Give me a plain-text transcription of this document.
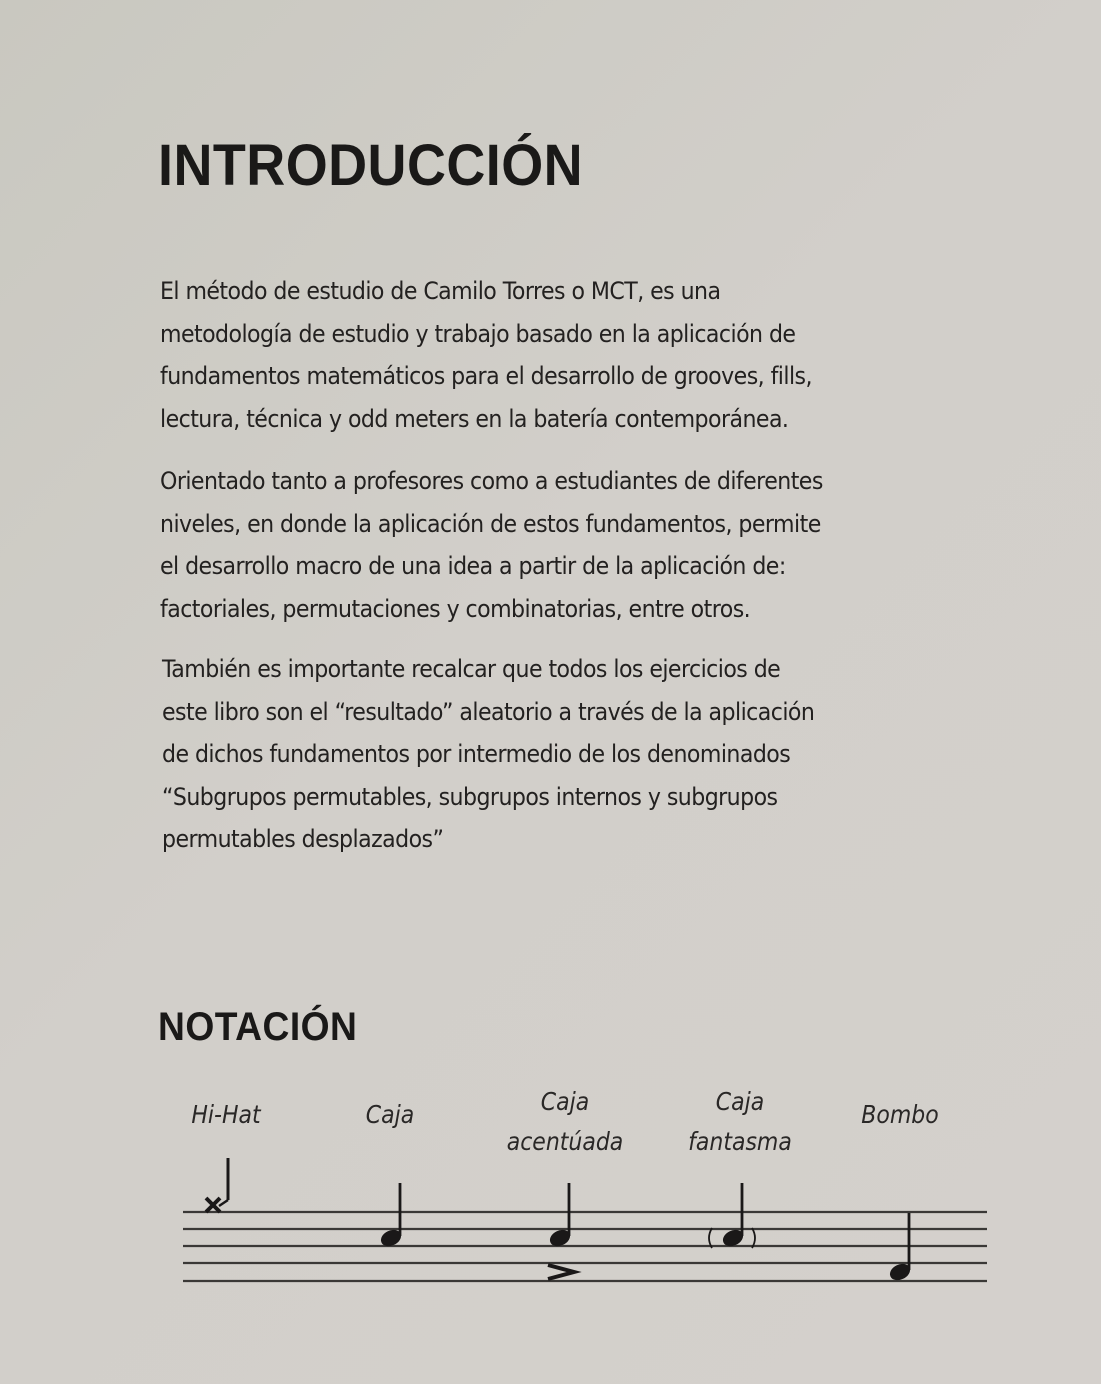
INTRODUCCIÓN

El método de estudio de Camilo Torres o MCT, es una
metodología de estudio y trabajo basado en la aplicación de
fundamentos matemáticos para el desarrollo de grooves, fills,
lectura, técnica y odd meters en la batería contemporánea.

Orientado tanto a profesores como a estudiantes de diferentes
niveles, en donde la aplicación de estos fundamentos, permite
el desarrollo macro de una idea a partir de la aplicación de:
factoriales, permutaciones y combinatorias, entre otros.

También es importante recalcar que todos los ejercicios de
este libro son el “resultado” aleatorio a través de la aplicación
de dichos fundamentos por intermedio de los denominados
“Subgrupos permutables, subgrupos internos y subgrupos
permutables desplazados”

NOTACIÓN
Hi-Hat	Caja	Caja
acentúada
Caja
fantasma
Bombo
